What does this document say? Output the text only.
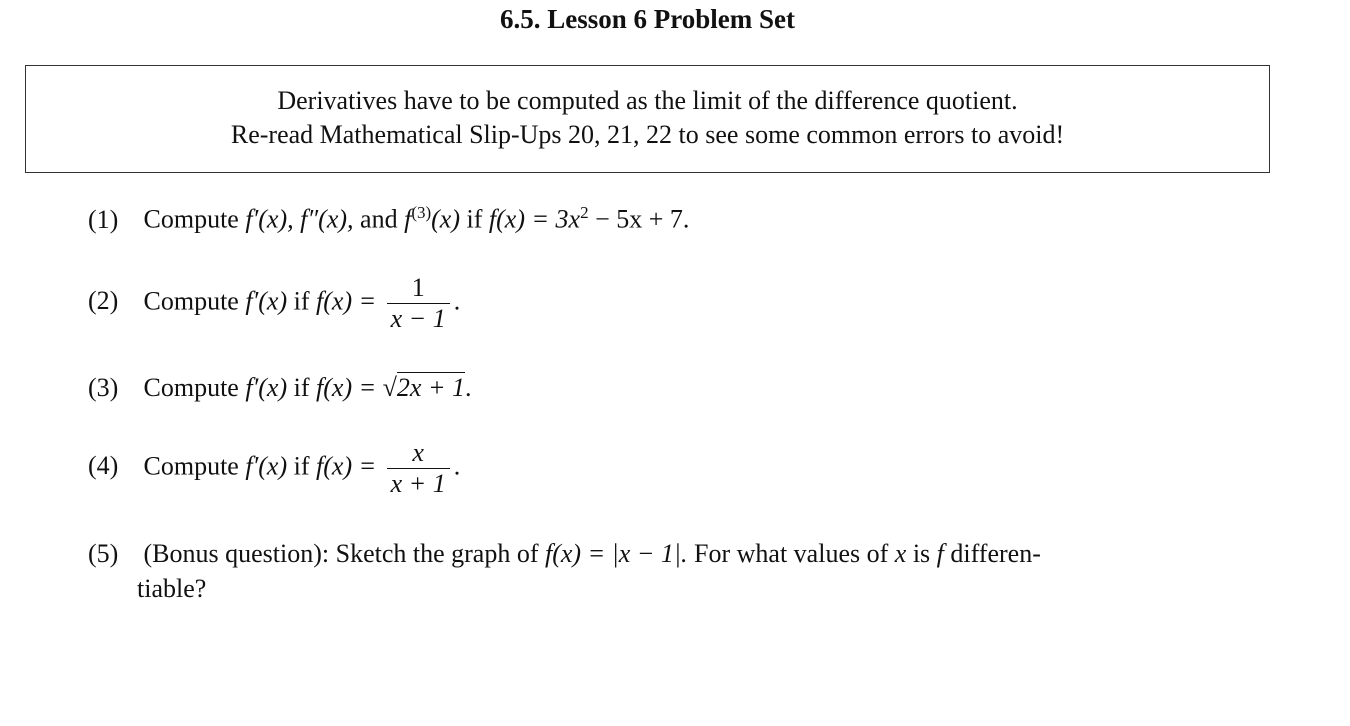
6.5. Lesson 6 Problem Set
Derivatives have to be computed as the limit of the difference quotient.
Re-read Mathematical Slip-Ups 20, 21, 22 to see some common errors to avoid!
(1) Compute f′(x), f″(x), and $f^{(3)}(x)$ if $f(x) = 3x^2 - 5x + 7$.
(2) Compute f′(x) if $f(x) = \frac{1}{x - 1}$ .
(3) Compute f′(x) if f(x) = √2x + 1.
(4) Compute f′(x) if $f(x) = \frac{x}{x + 1}$ .
(5) (Bonus question): Sketch the graph of f(x) = |x − 1|. For what values of x is f differen-
tiable?
